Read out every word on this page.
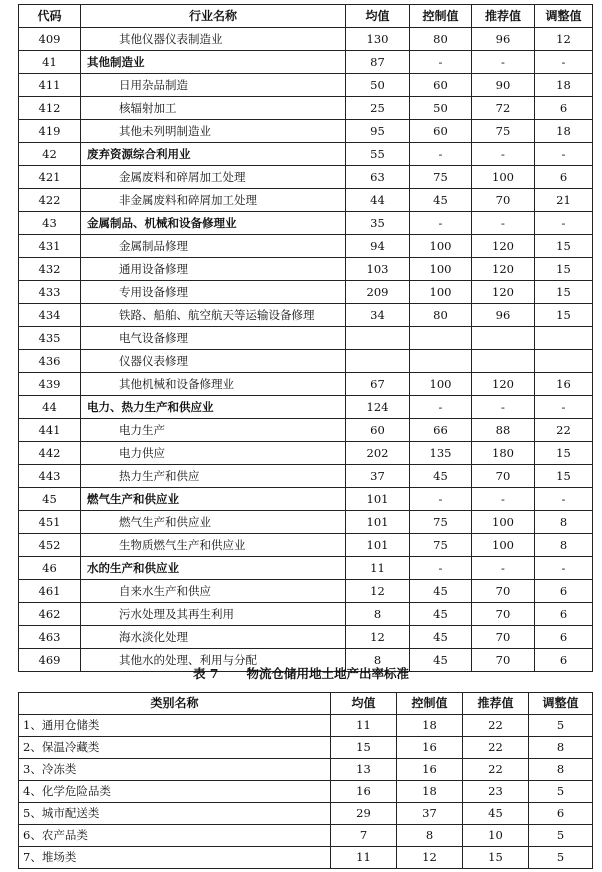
代码	行业名称	均值	控制值	推荐值	调整值
409	其他仪器仪表制造业	130	80	96	12
41	其他制造业	87	-	-	-
411	日用杂品制造	50	60	90	18
412	核辐射加工	25	50	72	6
419	其他未列明制造业	95	60	75	18
42	废弃资源综合利用业	55	-	-	-
421	金属废料和碎屑加工处理	63	75	100	6
422	非金属废料和碎屑加工处理	44	45	70	21
43	金属制品、机械和设备修理业	35	-	-	-
431	金属制品修理	94	100	120	15
432	通用设备修理	103	100	120	15
433	专用设备修理	209	100	120	15
434	铁路、船舶、航空航天等运输设备修理	34	80	96	15
435	电气设备修理				
436	仪器仪表修理				
439	其他机械和设备修理业	67	100	120	16
44	电力、热力生产和供应业	124	-	-	-
441	电力生产	60	66	88	22
442	电力供应	202	135	180	15
443	热力生产和供应	37	45	70	15
45	燃气生产和供应业	101	-	-	-
451	燃气生产和供应业	101	75	100	8
452	生物质燃气生产和供应业	101	75	100	8
46	水的生产和供应业	11	-	-	-
461	自来水生产和供应	12	45	70	6
462	污水处理及其再生利用	8	45	70	6
463	海水淡化处理	12	45	70	6
469	其他水的处理、利用与分配	8	45	70	6
表 7 物流仓储用地土地产出率标准
类别名称	均值	控制值	推荐值	调整值
1、通用仓储类	11	18	22	5
2、保温冷藏类	15	16	22	8
3、冷冻类	13	16	22	8
4、化学危险品类	16	18	23	5
5、城市配送类	29	37	45	6
6、农产品类	7	8	10	5
7、堆场类	11	12	15	5
